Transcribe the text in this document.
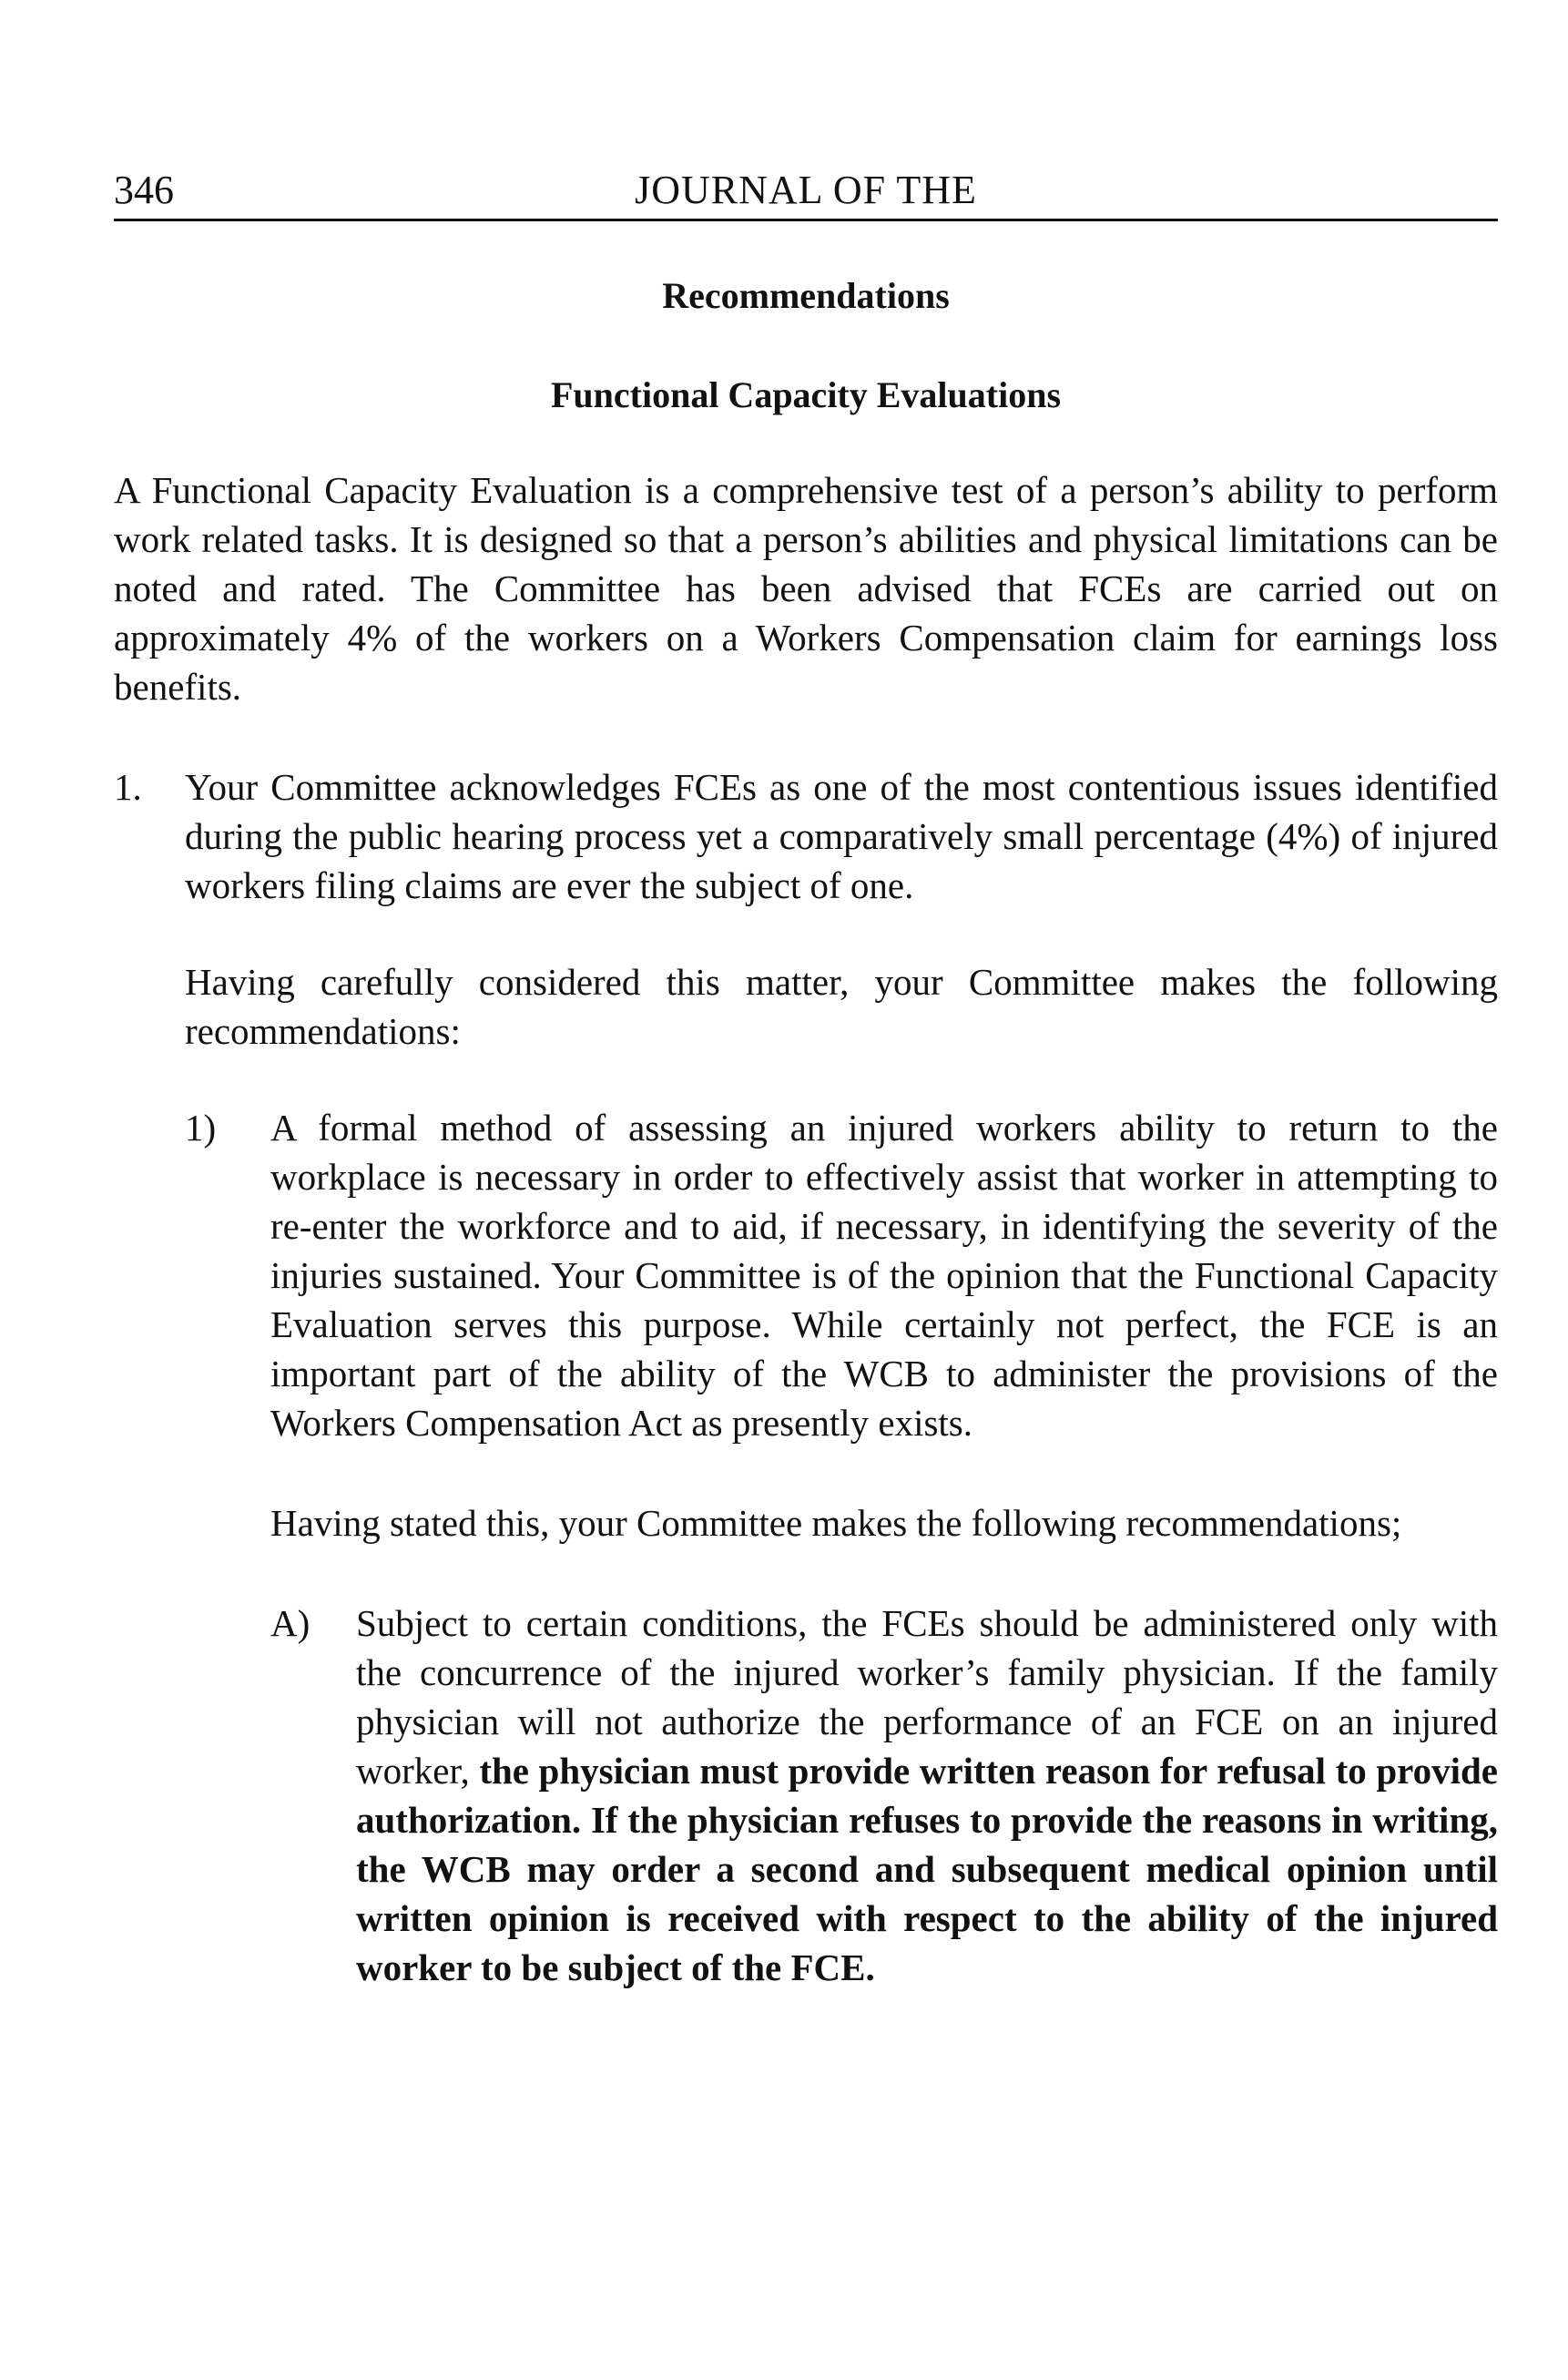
346	JOURNAL OF THE
Recommendations
Functional Capacity Evaluations

A Functional Capacity Evaluation is a comprehensive test of a person’s ability to perform work related tasks. It is designed so that a person’s abilities and physical limitations can be noted and rated. The Committee has been advised that FCEs are carried out on approximately 4% of the workers on a Workers Compensation claim for earnings loss benefits.

1.	Your Committee acknowledges FCEs as one of the most contentious issues identified during the public hearing process yet a comparatively small percentage (4%) of injured workers filing claims are ever the subject of one.

Having carefully considered this matter, your Committee makes the following recommendations:

1)	A formal method of assessing an injured workers ability to return to the workplace is necessary in order to effectively assist that worker in attempting to re-enter the workforce and to aid, if necessary, in identifying the severity of the injuries sustained. Your Committee is of the opinion that the Functional Capacity Evaluation serves this purpose. While certainly not perfect, the FCE is an important part of the ability of the WCB to administer the provisions of the Workers Compensation Act as presently exists.

Having stated this, your Committee makes the following recommendations;

A)	Subject to certain conditions, the FCEs should be administered only with the concurrence of the injured worker’s family physician. If the family physician will not authorize the performance of an FCE on an injured worker, the physician must provide written reason for refusal to provide authorization. If the physician refuses to provide the reasons in writing, the WCB may order a second and subsequent medical opinion until written opinion is received with respect to the ability of the injured worker to be subject of the FCE.
